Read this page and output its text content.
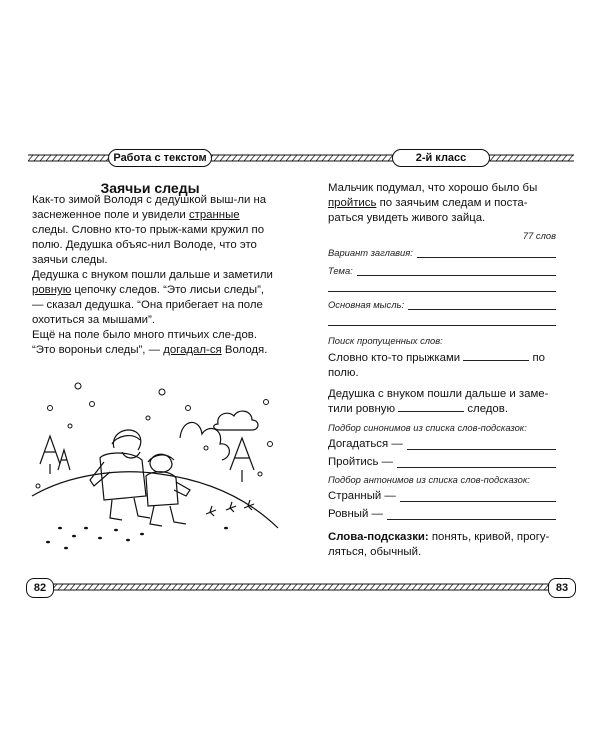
Работа с текстом	2-й класс
Заячьи следы

Как-то зимой Володя с дедушкой выш-ли на заснеженное поле и увидели странные следы. Словно кто-то прыж-ками кружил по полю. Дедушка объяс-нил Володе, что это заячьи следы.

Дедушка с внуком пошли дальше и заметили ровную цепочку следов. “Это лисьи следы”, — сказал дедушка. “Она прибегает на поле охотиться за мышами”.

Ещё на поле было много птичьих сле-дов. “Это вороньи следы”, — догадал-ся Володя.

Мальчик подумал, что хорошо было бы пройтись по заячьим следам и поста-раться увидеть живого зайца.

77 слов

Вариант заглавия:
Тема:
Основная мысль:

Поиск пропущенных слов:

Словно кто-то прыжками	по полю.

Дедушка с внуком пошли дальше и заме-тили ровную	следов.

Подбор синонимов из списка слов-подсказок:

Догадаться —
Пройтись —

Подбор антонимов из списка слов-подсказок:

Странный —
Ровный —

Слова-подсказки: понять, кривой, прогу-ляться, обычный.

82	83
